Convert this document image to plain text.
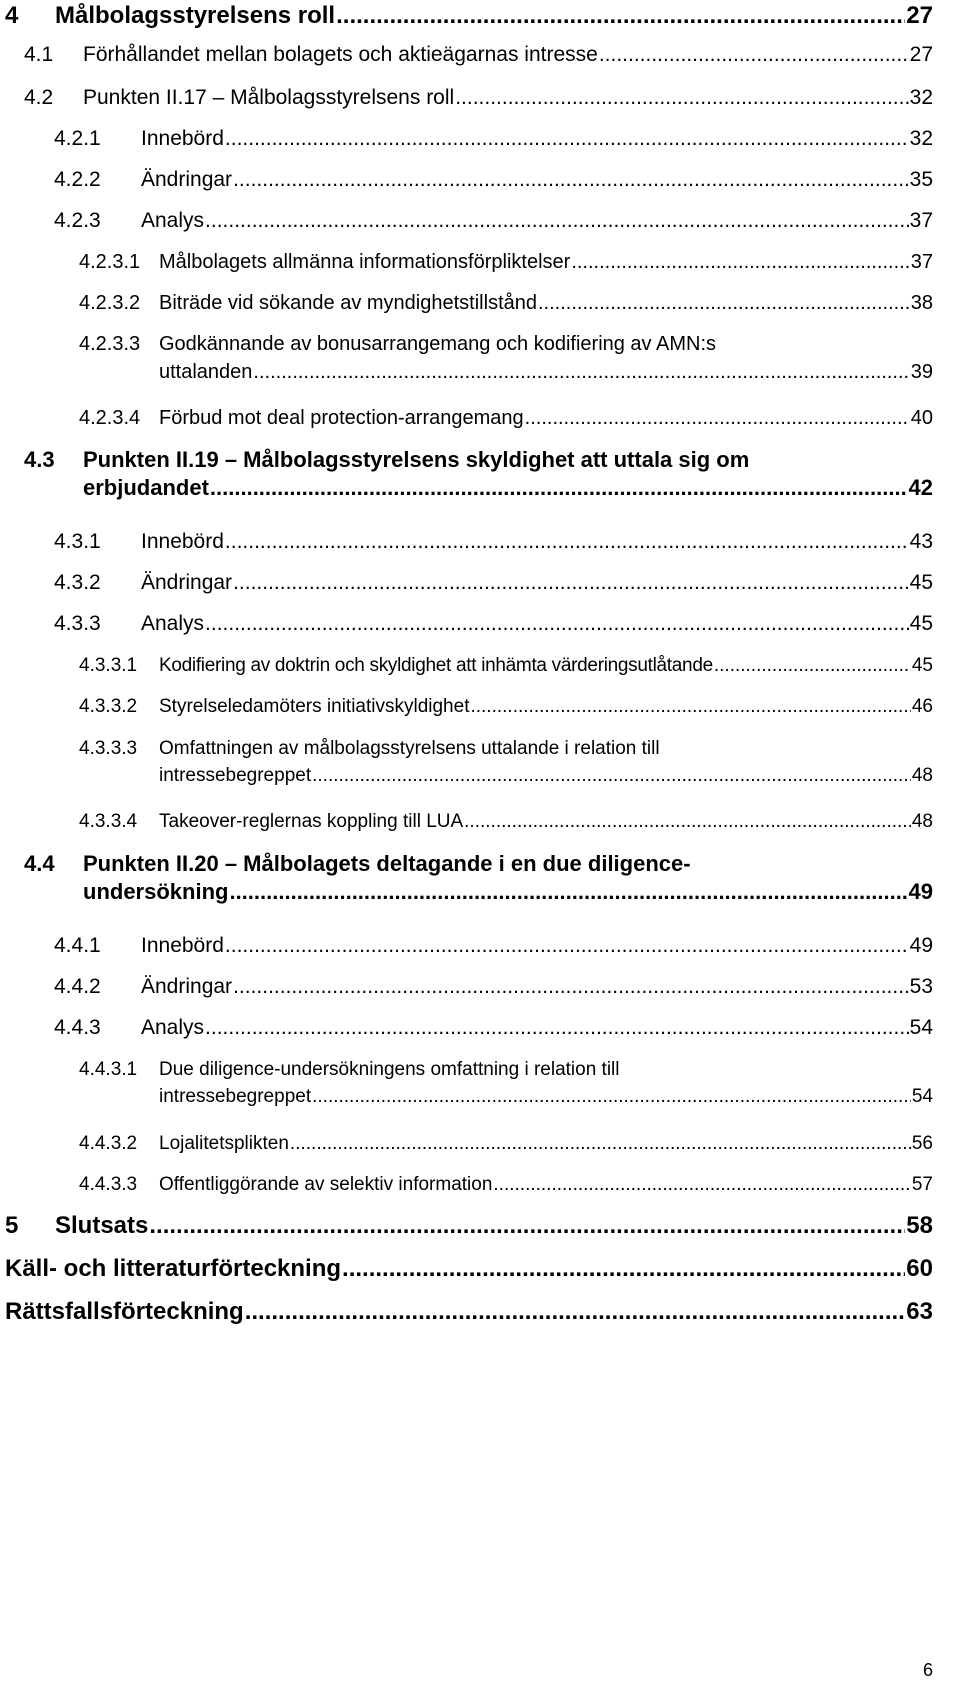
4	Målbolagsstyrelsens roll .....	27
4.1	Förhållandet mellan bolagets och aktieägarnas intresse .....	27
4.2	Punkten II.17 – Målbolagsstyrelsens roll .....	32
4.2.1	Innebörd .....	32
4.2.2	Ändringar .....	35
4.2.3	Analys .....	37
4.2.3.1 Målbolagets allmänna informationsförpliktelser .....	37
4.2.3.2 Biträde vid sökande av myndighetstillstånd .....	38
4.2.3.3 Godkännande av bonusarrangemang och kodifiering av AMN:s
uttalanden .....	39
4.2.3.4 Förbud mot deal protection-arrangemang .....	40
4.3 Punkten II.19 – Målbolagsstyrelsens skyldighet att uttala sig om
erbjudandet .....	42
4.3.1	Innebörd .....	43
4.3.2	Ändringar .....	45
4.3.3	Analys .....	45
4.3.3.1	Kodifiering av doktrin och skyldighet att inhämta värderingsutlåtande .....	45
4.3.3.2	Styrelseledamöters initiativskyldighet .....	46
4.3.3.3 Omfattningen av målbolagsstyrelsens uttalande i relation till
intressebegreppet .....	48
4.3.3.4	Takeover-reglernas koppling till LUA .....	48
4.4 Punkten II.20 – Målbolagets deltagande i en due diligence-
undersökning .....	49
4.4.1	Innebörd .....	49
4.4.2	Ändringar .....	53
4.4.3	Analys .....	54
4.4.3.1 Due diligence-undersökningens omfattning i relation till
intressebegreppet .....	54
4.4.3.2	Lojalitetsplikten .....	56
4.4.3.3	Offentliggörande av selektiv information .....	57
5	Slutsats .....	58
Käll- och litteraturförteckning .....	60
Rättsfallsförteckning .....	63
6
